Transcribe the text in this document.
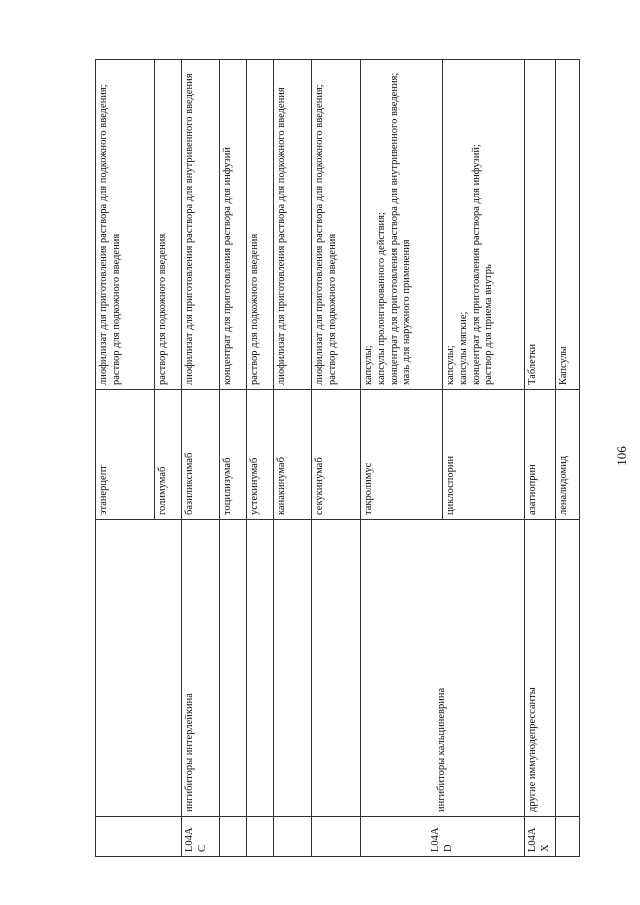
		этанерцепт	лиофилизат для приготовления раствора для подкожного введения; раствор для подкожного введения

		голимумаб	раствор для подкожного введения

L04AC	ингибиторы интерлейкина	базиликсимаб	лиофилизат для приготовления раствора для внутривенного введения

		тоцилизумаб	концентрат для приготовления раствора для инфузий

		устекинумаб	раствор для подкожного введения

		канакинумаб	лиофилизат для приготовления раствора для подкожного введения

		секукинумаб	лиофилизат для приготовления раствора для подкожного введения; раствор для подкожного введения

L04AD	ингибиторы кальциневрина	такролимус	капсулы; капсулы пролонгированного действия; концентрат для приготовления раствора для внутривенного введения; мазь для наружного применения

		циклоспорин	капсулы; капсулы мягкие; концентрат для приготовления раствора для инфузий; раствор для приема внутрь

L04AX	другие иммунодепрессанты	азатиоприн	Таблетки

		леналидомид	Капсулы
106
